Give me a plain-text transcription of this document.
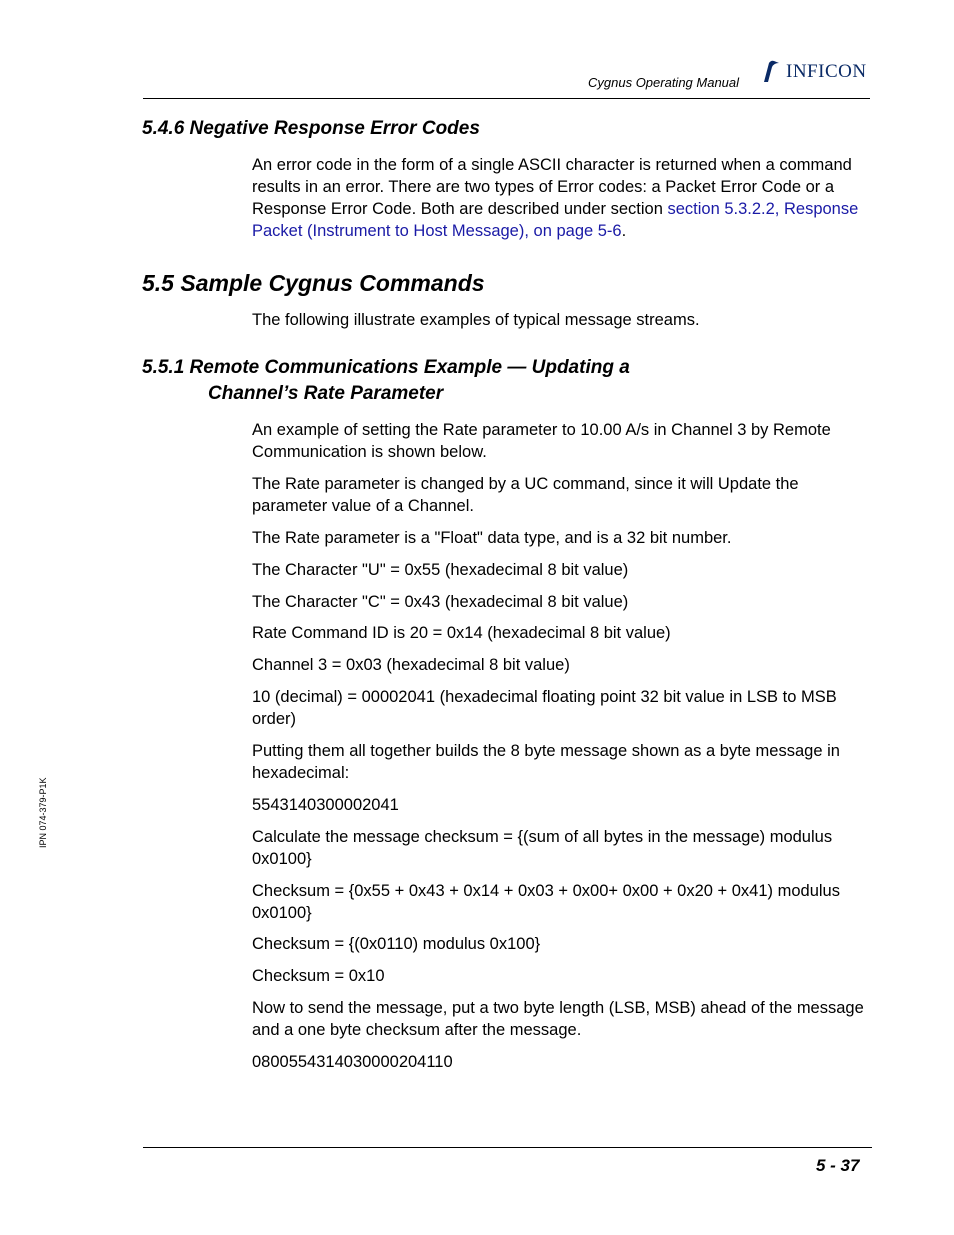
Cygnus Operating Manual
INFICON
5.4.6 Negative Response Error Codes

An error code in the form of a single ASCII character is returned when a command results in an error. There are two types of Error codes: a Packet Error Code or a Response Error Code. Both are described under section section 5.3.2.2, Response Packet (Instrument to Host Message), on page 5-6.

5.5 Sample Cygnus Commands

The following illustrate examples of typical message streams.

5.5.1 Remote Communications Example — Updating a
Channel’s Rate Parameter

An example of setting the Rate parameter to 10.00 A/s in Channel 3 by Remote Communication is shown below.

The Rate parameter is changed by a UC command, since it will Update the parameter value of a Channel.

The Rate parameter is a "Float" data type, and is a 32 bit number.

The Character "U" = 0x55 (hexadecimal 8 bit value)

The Character "C" = 0x43 (hexadecimal 8 bit value)

Rate Command ID is 20 = 0x14 (hexadecimal 8 bit value)

Channel 3 = 0x03 (hexadecimal 8 bit value)

10 (decimal) = 00002041 (hexadecimal floating point 32 bit value in LSB to MSB order)

Putting them all together builds the 8 byte message shown as a byte message in hexadecimal:

5543140300002041

Calculate the message checksum = {(sum of all bytes in the message) modulus 0x0100}

Checksum = {0x55 + 0x43 + 0x14 + 0x03 + 0x00+ 0x00 + 0x20 + 0x41) modulus 0x0100}

Checksum = {(0x0110) modulus 0x100}

Checksum = 0x10

Now to send the message, put a two byte length (LSB, MSB) ahead of the message and a one byte checksum after the message.

0800554314030000204110

IPN 074-379-P1K
5 - 37
